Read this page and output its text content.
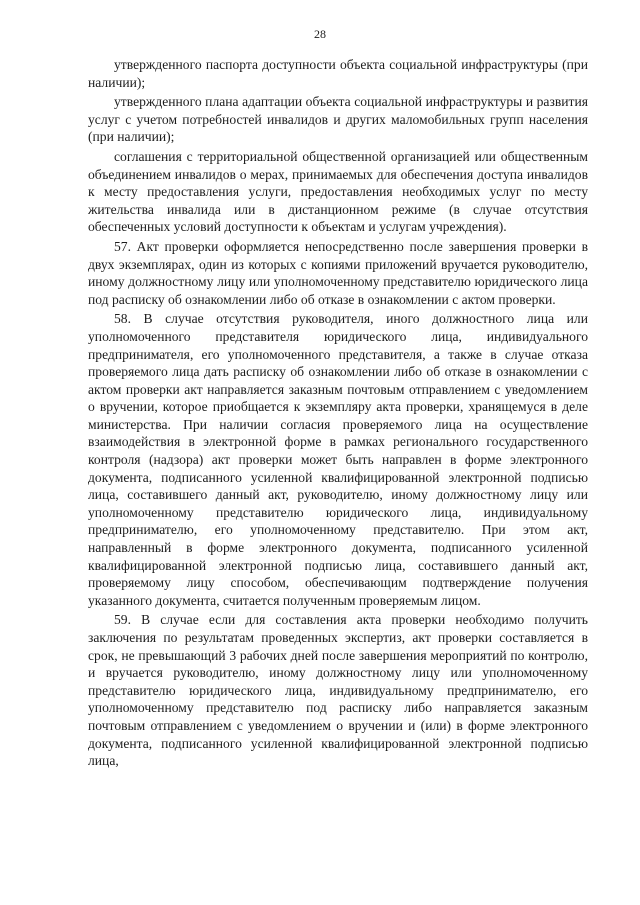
28

утвержденного паспорта доступности объекта социальной инфраструктуры (при наличии);

утвержденного плана адаптации объекта социальной инфраструктуры и развития услуг с учетом потребностей инвалидов и других маломобильных групп населения (при наличии);

соглашения с территориальной общественной организацией или общественным объединением инвалидов о мерах, принимаемых для обеспечения доступа инвалидов к месту предоставления услуги, предоставления необходимых услуг по месту жительства инвалида или в дистанционном режиме (в случае отсутствия обеспеченных условий доступности к объектам и услугам учреждения).

57. Акт проверки оформляется непосредственно после завершения проверки в двух экземплярах, один из которых с копиями приложений вручается руководителю, иному должностному лицу или уполномоченному представителю юридического лица под расписку об ознакомлении либо об отказе в ознакомлении с актом проверки.

58. В случае отсутствия руководителя, иного должностного лица или уполномоченного представителя юридического лица, индивидуального предпринимателя, его уполномоченного представителя, а также в случае отказа проверяемого лица дать расписку об ознакомлении либо об отказе в ознакомлении с актом проверки акт направляется заказным почтовым отправлением с уведомлением о вручении, которое приобщается к экземпляру акта проверки, хранящемуся в деле министерства. При наличии согласия проверяемого лица на осуществление взаимодействия в электронной форме в рамках регионального государственного контроля (надзора) акт проверки может быть направлен в форме электронного документа, подписанного усиленной квалифицированной электронной подписью лица, составившего данный акт, руководителю, иному должностному лицу или уполномоченному представителю юридического лица, индивидуальному предпринимателю, его уполномоченному представителю. При этом акт, направленный в форме электронного документа, подписанного усиленной квалифицированной электронной подписью лица, составившего данный акт, проверяемому лицу способом, обеспечивающим подтверждение получения указанного документа, считается полученным проверяемым лицом.

59. В случае если для составления акта проверки необходимо получить заключения по результатам проведенных экспертиз, акт проверки составляется в срок, не превышающий 3 рабочих дней после завершения мероприятий по контролю, и вручается руководителю, иному должностному лицу или уполномоченному представителю юридического лица, индивидуальному предпринимателю, его уполномоченному представителю под расписку либо направляется заказным почтовым отправлением с уведомлением о вручении и (или) в форме электронного документа, подписанного усиленной квалифицированной электронной подписью лица,
